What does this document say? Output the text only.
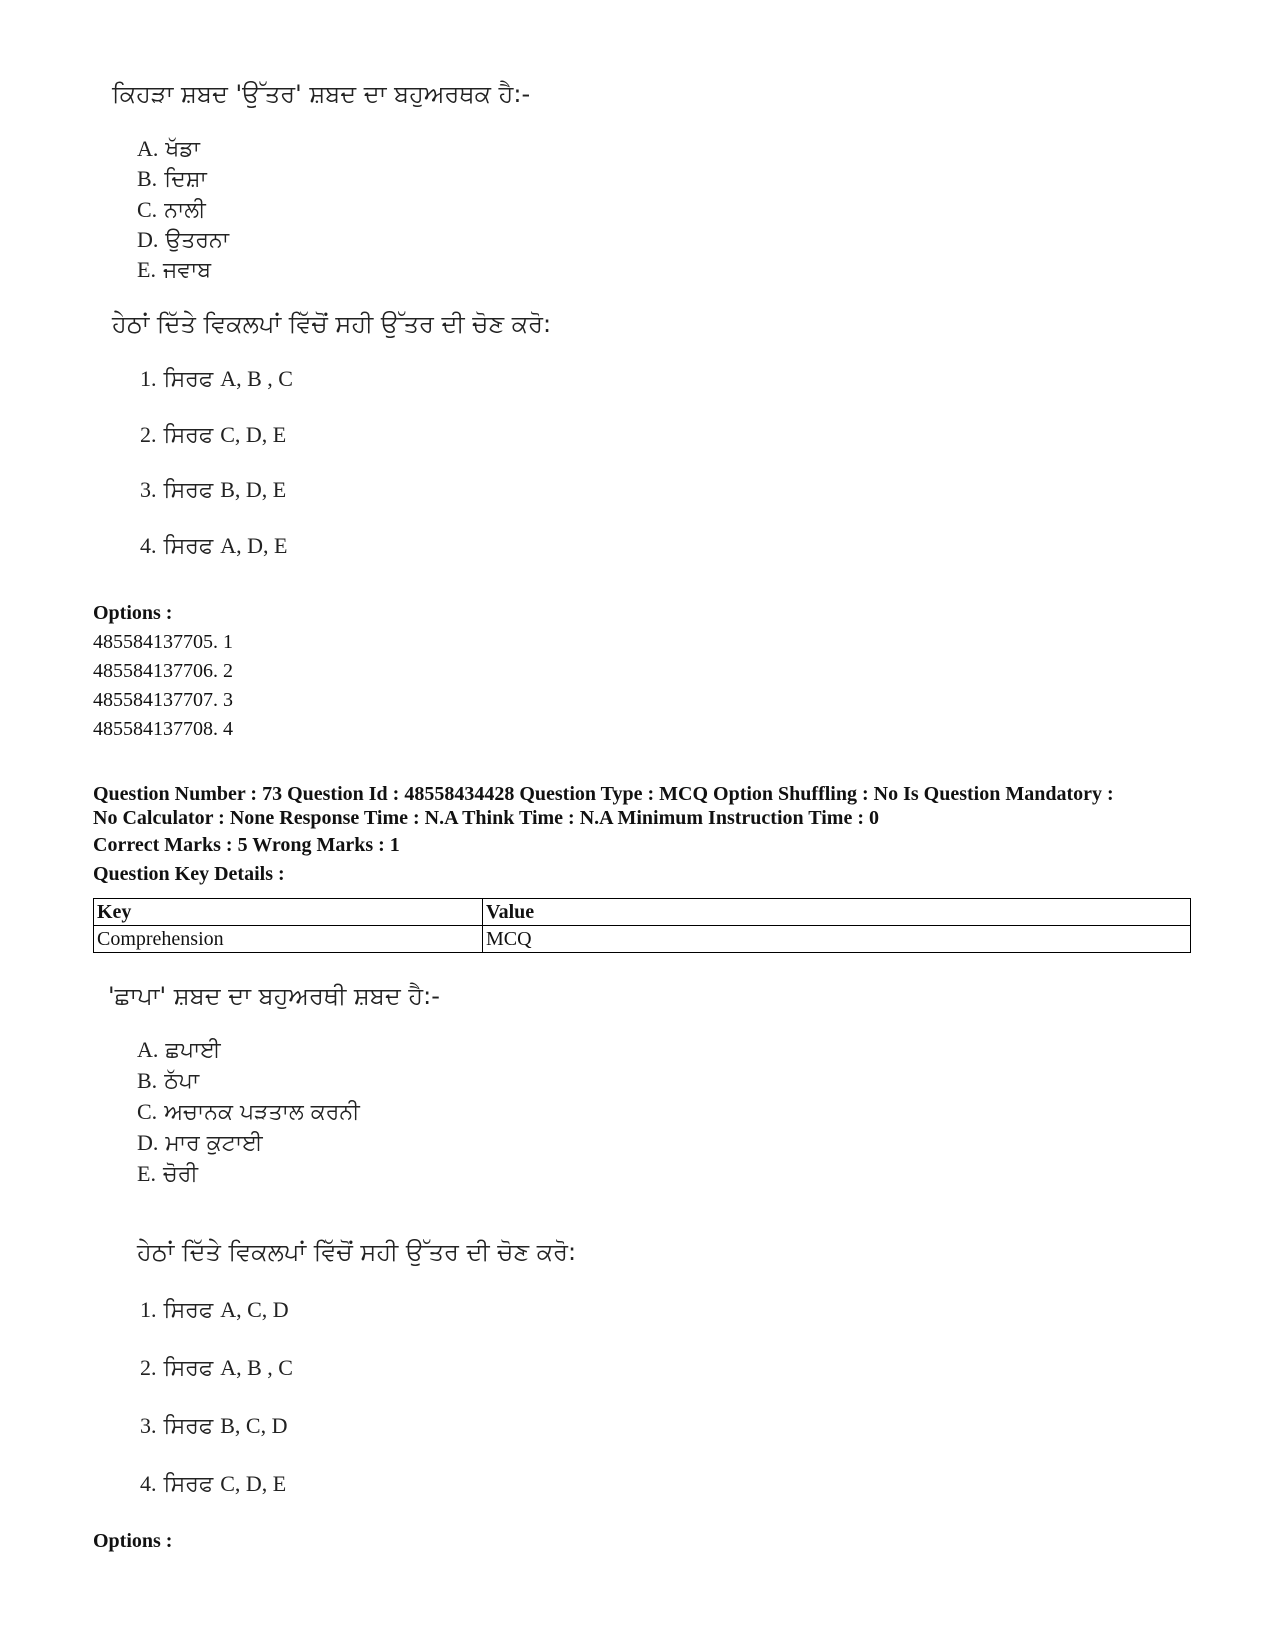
ਕਿਹੜਾ ਸ਼ਬਦ 'ਉੱਤਰ' ਸ਼ਬਦ ਦਾ ਬਹੁਅਰਥਕ ਹੈ:-
A. ਖੱਡਾ
B. ਦਿਸ਼ਾ
C. ਨਾਲੀ
D. ਉਤਰਨਾ
E. ਜਵਾਬ
ਹੇਠਾਂ ਦਿੱਤੇ ਵਿਕਲਪਾਂ ਵਿੱਚੋਂ ਸਹੀ ਉੱਤਰ ਦੀ ਚੋਣ ਕਰੋ:
1. ਸਿਰਫ A, B , C
2. ਸਿਰਫ C, D, E
3. ਸਿਰਫ B, D, E
4. ਸਿਰਫ A, D, E
Options :
485584137705. 1
485584137706. 2
485584137707. 3
485584137708. 4
Question Number : 73 Question Id : 48558434428 Question Type : MCQ Option Shuffling : No Is Question Mandatory :
No Calculator : None Response Time : N.A Think Time : N.A Minimum Instruction Time : 0
Correct Marks : 5 Wrong Marks : 1
Question Key Details :
Key	Value
Comprehension	MCQ
'ਛਾਪਾ' ਸ਼ਬਦ ਦਾ ਬਹੁਅਰਥੀ ਸ਼ਬਦ ਹੈ:-
A. ਛਪਾਈ
B. ਠੱਪਾ
C. ਅਚਾਨਕ ਪੜਤਾਲ ਕਰਨੀ
D. ਮਾਰ ਕੁਟਾਈ
E. ਚੋਰੀ
ਹੇਠਾਂ ਦਿੱਤੇ ਵਿਕਲਪਾਂ ਵਿੱਚੋਂ ਸਹੀ ਉੱਤਰ ਦੀ ਚੋਣ ਕਰੋ:
1. ਸਿਰਫ A, C, D
2. ਸਿਰਫ A, B , C
3. ਸਿਰਫ B, C, D
4. ਸਿਰਫ C, D, E
Options :
